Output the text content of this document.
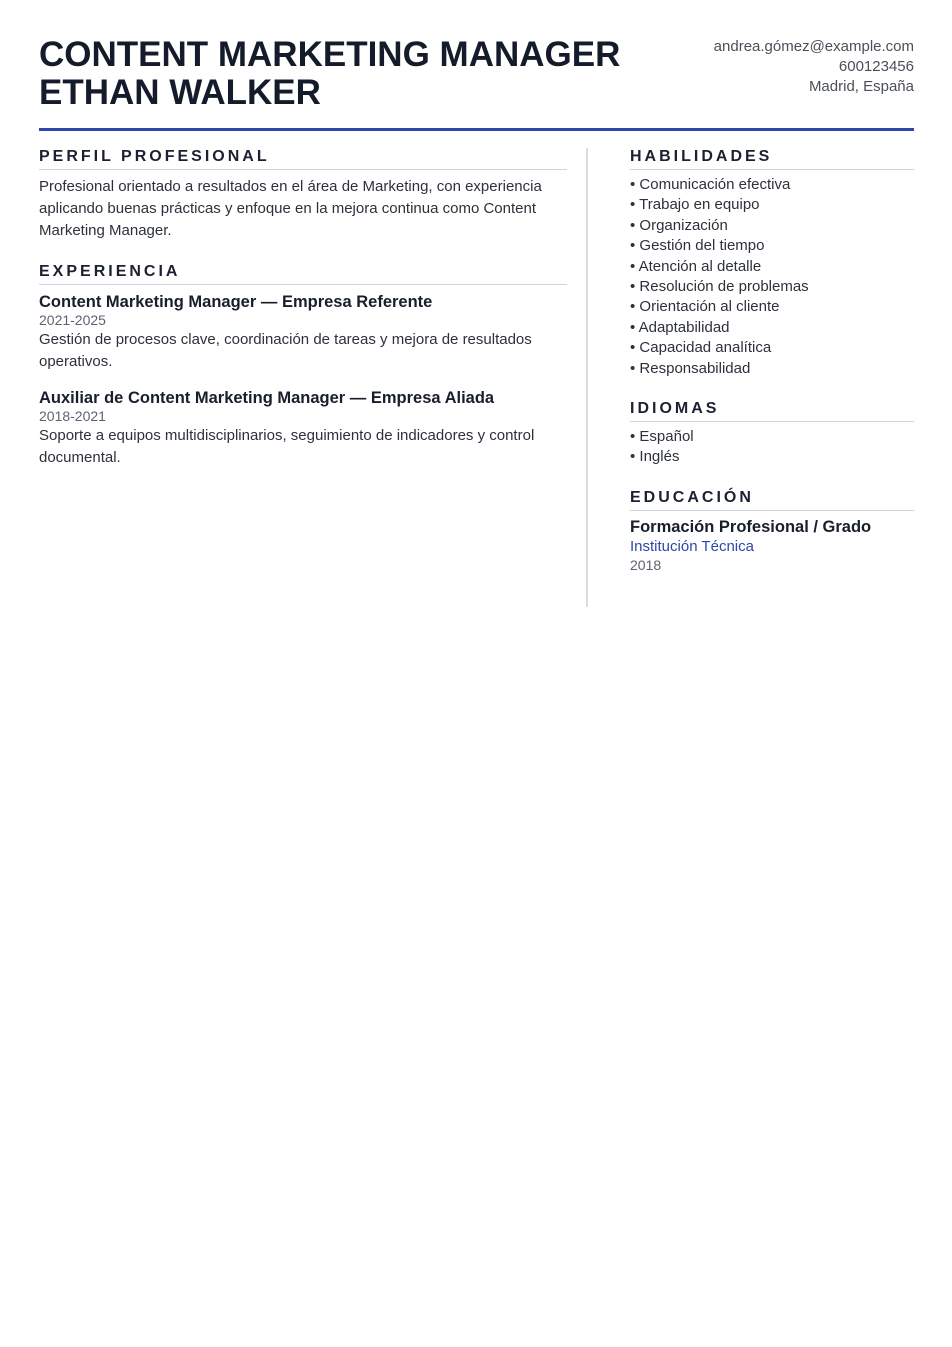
CONTENT MARKETING MANAGER
ETHAN WALKER
andrea.gómez@example.com
600123456
Madrid, España
PERFIL PROFESIONAL
Profesional orientado a resultados en el área de Marketing, con experiencia aplicando buenas prácticas y enfoque en la mejora continua como Content Marketing Manager.
EXPERIENCIA
Content Marketing Manager — Empresa Referente
2021-2025
Gestión de procesos clave, coordinación de tareas y mejora de resultados operativos.
Auxiliar de Content Marketing Manager — Empresa Aliada
2018-2021
Soporte a equipos multidisciplinarios, seguimiento de indicadores y control documental.
HABILIDADES
• Comunicación efectiva
• Trabajo en equipo
• Organización
• Gestión del tiempo
• Atención al detalle
• Resolución de problemas
• Orientación al cliente
• Adaptabilidad
• Capacidad analítica
• Responsabilidad
IDIOMAS
• Español
• Inglés
EDUCACIÓN
Formación Profesional / Grado
Institución Técnica
2018
